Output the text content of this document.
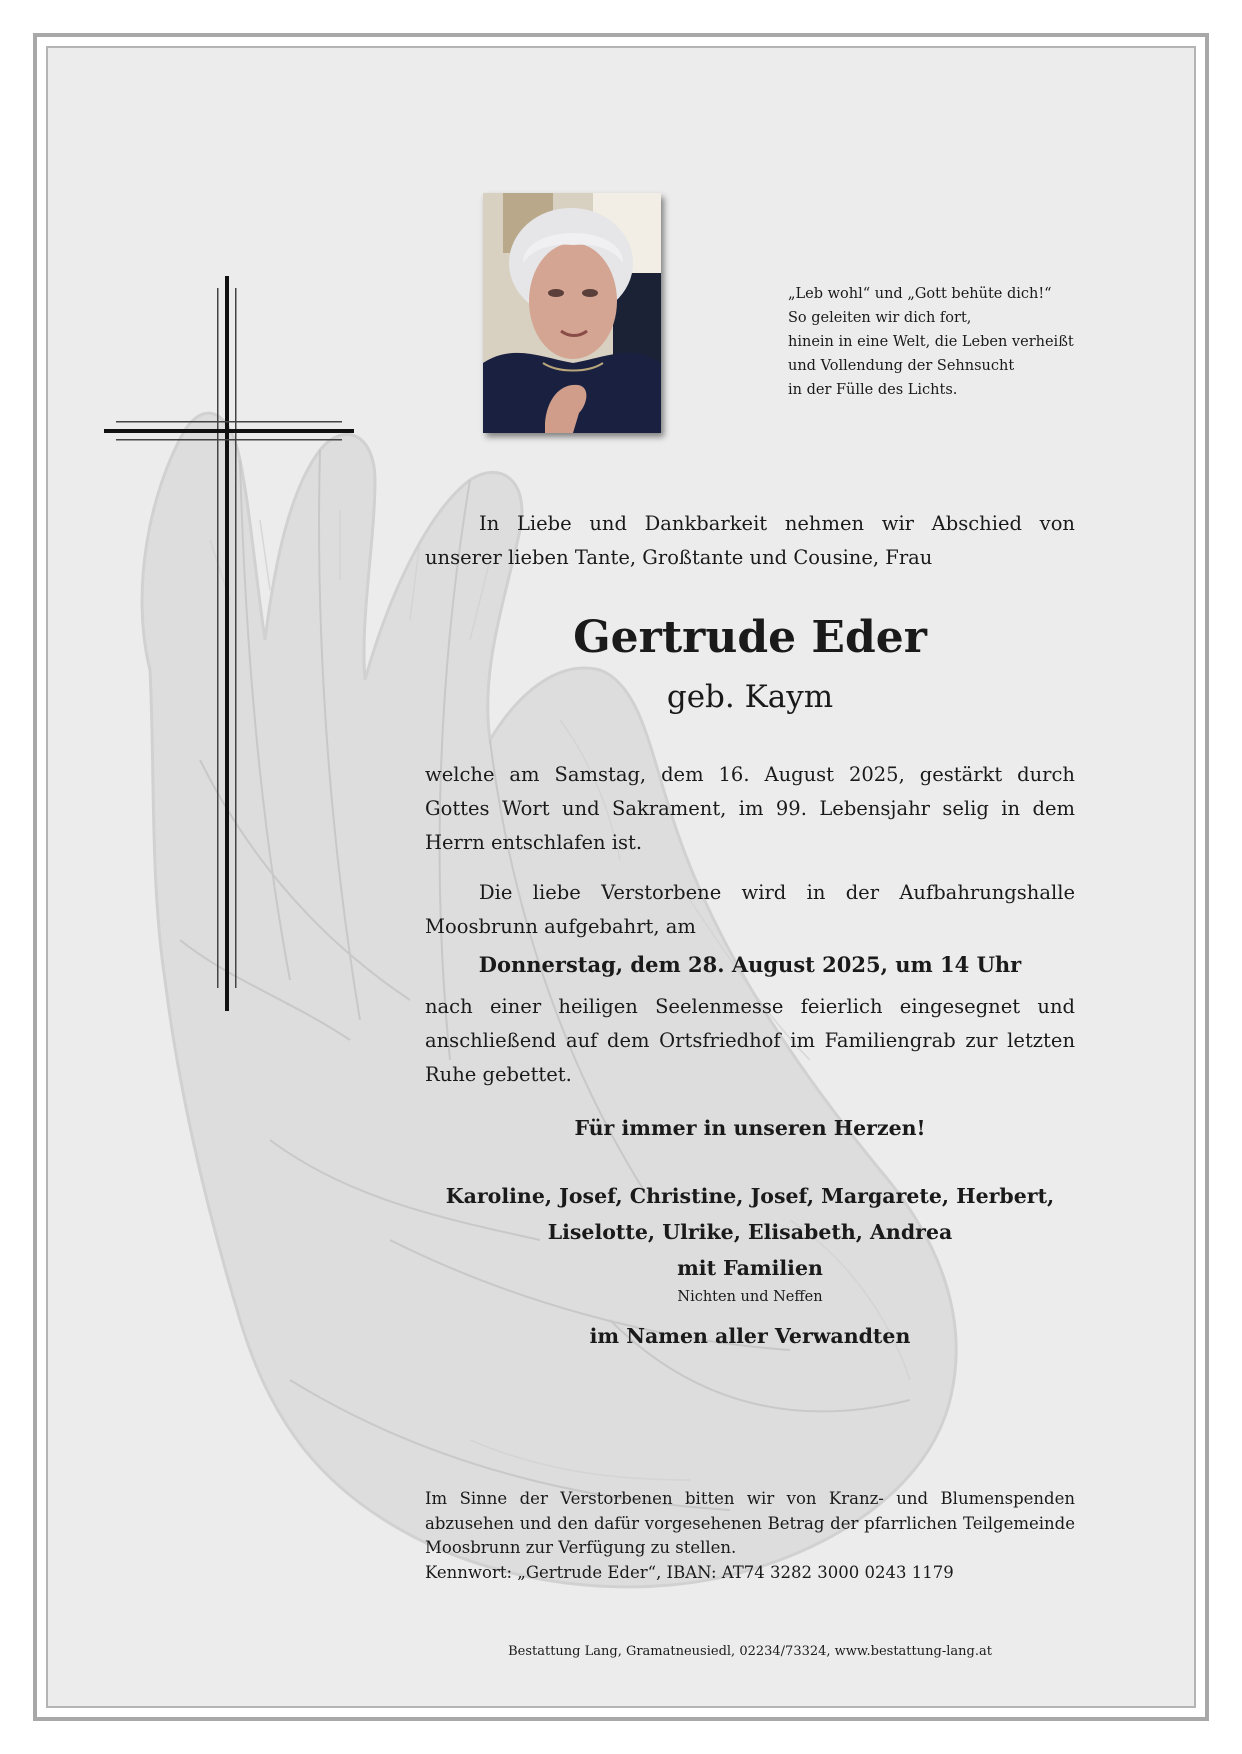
„Leb wohl“ und „Gott behüte dich!“
So geleiten wir dich fort,
hinein in eine Welt, die Leben verheißt
und Vollendung der Sehnsucht
in der Fülle des Lichts.
In Liebe und Dankbarkeit nehmen wir Abschied von unserer lieben Tante, Großtante und Cousine, Frau
Gertrude Eder
geb. Kaym
welche am Samstag, dem 16. August 2025, gestärkt durch Gottes Wort und Sakrament, im 99. Lebensjahr selig in dem Herrn entschlafen ist.
Die liebe Verstorbene wird in der Aufbahrungshalle Moosbrunn aufgebahrt, am
Donnerstag, dem 28. August 2025, um 14 Uhr
nach einer heiligen Seelenmesse feierlich eingesegnet und anschließend auf dem Ortsfriedhof im Familiengrab zur letzten Ruhe gebettet.
Für immer in unseren Herzen!
Karoline, Josef, Christine, Josef, Margarete, Herbert,
Liselotte, Ulrike, Elisabeth, Andrea
mit Familien
Nichten und Neffen
im Namen aller Verwandten
Im Sinne der Verstorbenen bitten wir von Kranz- und Blumenspenden abzusehen und den dafür vorgesehenen Betrag der pfarrlichen Teilgemeinde Moosbrunn zur Verfügung zu stellen.
Kennwort: „Gertrude Eder“, IBAN: AT74 3282 3000 0243 1179
Bestattung Lang, Gramatneusiedl, 02234/73324, www.bestattung-lang.at
